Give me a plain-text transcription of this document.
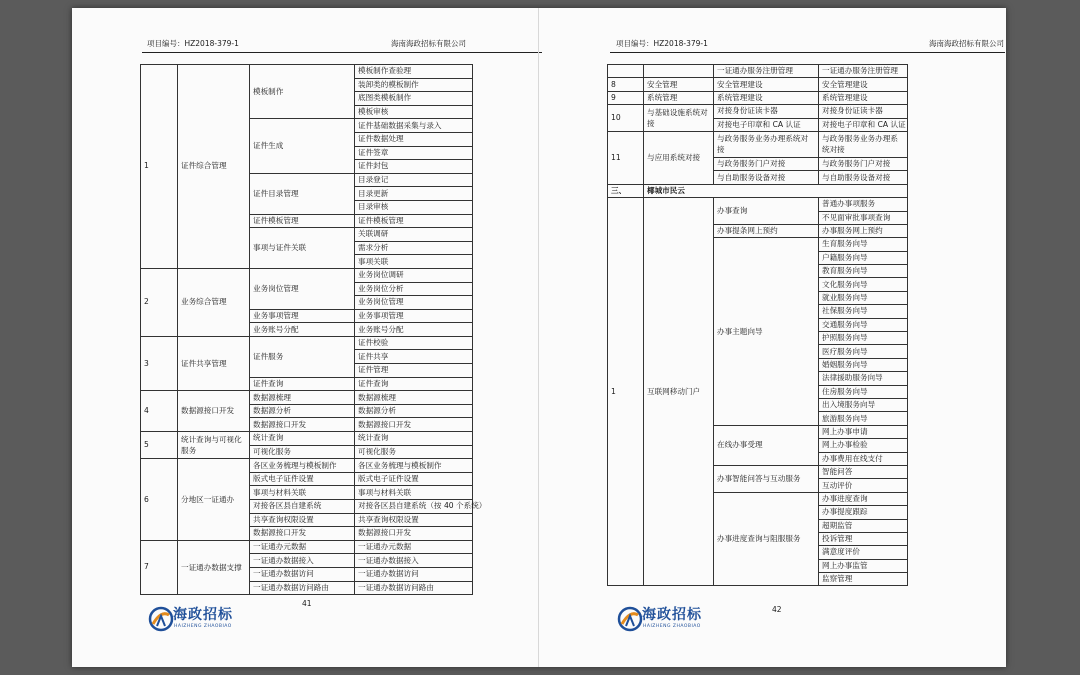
项目编号：HZ2018-379-1	海南海政招标有限公司
1	证件综合管理	模板制作	模板制作查验理
			装卸类的模板制作
			底图类模板制作
			模板审核
		证件生成	证件基础数据采集与录入
			证件数据处理
			证件签章
			证件封包
		证件目录管理	目录登记
			目录更新
			目录审核
		证件模板管理	证件模板管理
		事项与证件关联	关联调研
			需求分析
			事项关联
2	业务综合管理	业务岗位管理	业务岗位调研
			业务岗位分析
			业务岗位管理
		业务事项管理	业务事项管理
		业务账号分配	业务账号分配
3	证件共享管理	证件服务	证件校验
			证件共享
			证件管理
		证件查询	证件查询
4	数据源接口开发	数据源梳理	数据源梳理
		数据源分析	数据源分析
		数据源接口开发	数据源接口开发
5	统计查询与可视化服务	统计查询	统计查询
		可视化服务	可视化服务
6	分地区一证通办	各区业务梳理与模板制作	各区业务梳理与模板制作
		版式电子证件设置	版式电子证件设置
		事项与材料关联	事项与材料关联
		对接各区县自建系统	对接各区县自建系统（按 40 个系统）
		共享查询权限设置	共享查询权限设置
		数据源接口开发	数据源接口开发
7	一证通办数据支撑	一证通办元数据	一证通办元数据
		一证通办数据接入	一证通办数据接入
		一证通办数据访问	一证通办数据访问
		一证通办数据访问路由	一证通办数据访问路由
41
海政招标
HAIZHENG ZHAOBIAO
项目编号：HZ2018-379-1	海南海政招标有限公司
		一证通办服务注册管理	一证通办服务注册管理
8	安全管理	安全管理建设	安全管理建设
9	系统管理	系统管理建设	系统管理建设
10	与基础设施系统对接	对接身份证读卡器	对接身份证读卡器
		对接电子印章和 CA 认证	对接电子印章和 CA 认证
11	与应用系统对接	与政务服务业务办理系统对接	与政务服务业务办理系统对接
		与政务服务门户对接	与政务服务门户对接
		与自助服务设备对接	与自助服务设备对接
三、	椰城市民云		
1	互联网移动门户	办事查询	普通办事项服务
			不见面审批事项查询
		办事提条网上预约	办事服务网上预约
		办事主题向导	生育服务向导
			户籍服务向导
			教育服务向导
			文化服务向导
			就业服务向导
			社保服务向导
			交通服务向导
			护照服务向导
			医疗服务向导
			婚姻服务向导
			法律援助服务向导
			住房服务向导
			出入境服务向导
			旅游服务向导
		在线办事受理	网上办事申请
			网上办事检验
			办事费用在线支付
		办事智能问答与互动服务	智能问答
			互动评价
		办事进度查询与阻服服务	办事进度查询
			办事提度跟踪
			超期监管
			投诉管理
			满意度评价
			网上办事监管
			监察管理
42
海政招标
HAIZHENG ZHAOBIAO
